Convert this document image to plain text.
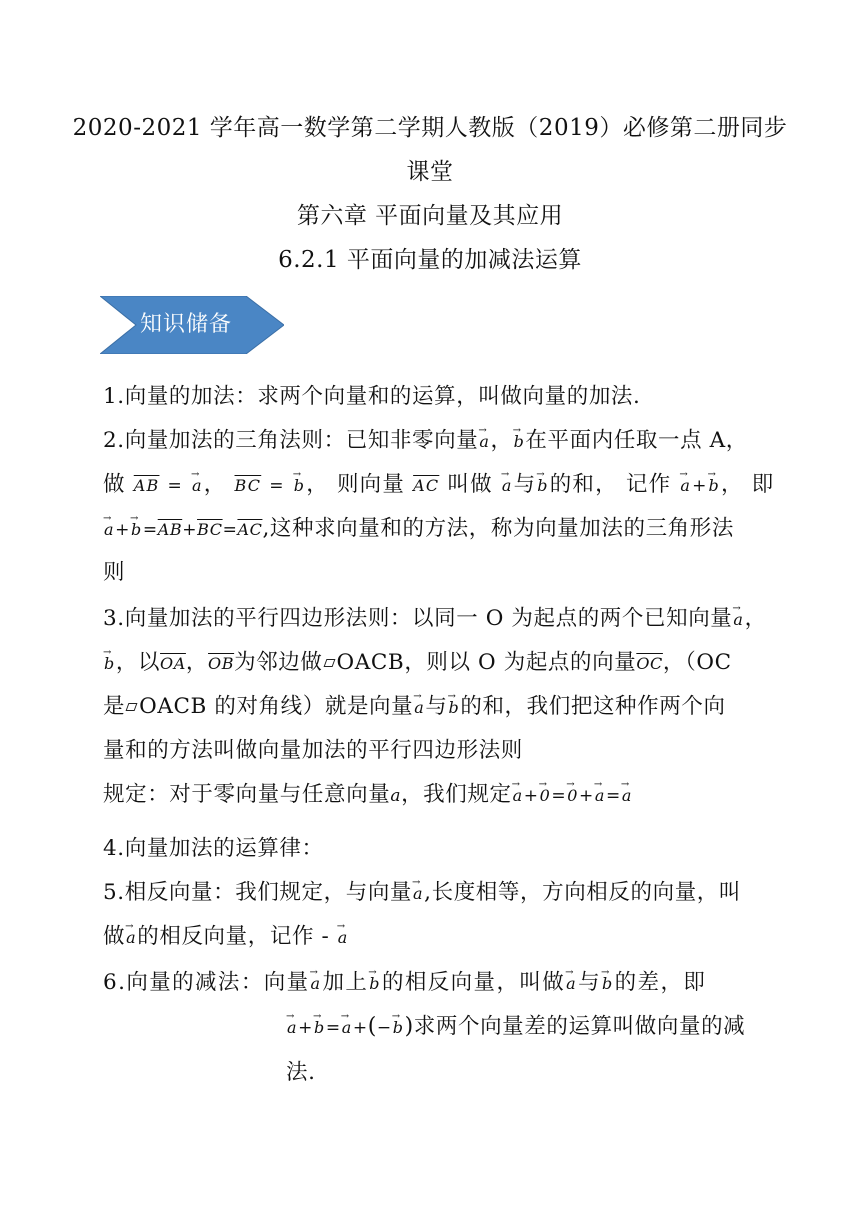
2020-2021 学年高一数学第二学期人教版（2019）必修第二册同步
课堂
第六章 平面向量及其应用
6.2.1 平面向量的加减法运算
知识储备
1.向量的加法：求两个向量和的运算，叫做向量的加法.
2.向量加法的三角法则：已知非零向量→ a，→ b在平面内任取一点 A，
做 $\overline{AB}$ = → a， $\overline{BC}$ = → b， 则向量 $\overline{AC}$ 叫做 → a与→ b的和， 记作 → a+→ b， 即
→ $a+\to b=\overline{AB}+\overline{BC}=\overline{AC}$,这种求向量和的方法，称为向量加法的三角形法
则
3.向量加法的平行四边形法则：以同一 O 为起点的两个已知向量→ a，
→ b，以$\overline{OA}$，$\overline{OB}$为邻边做 OACB，则以 O 为起点的向量$\overline{OC}$，（OC
是 OACB 的对角线）就是向量→ a与→ b的和，我们把这种作两个向
量和的方法叫做向量加法的平行四边形法则
规定：对于零向量与任意向量a，我们规定→ a+→ 0=→ 0+→ a=→ a
4.向量加法的运算律：
5.相反向量：我们规定，与向量→ a,长度相等，方向相反的向量，叫
做→ a的相反向量，记作 - → a
6.向量的减法：向量→ a加上→ b的相反向量，叫做→ a与→ b的差，即
→ a+→ b=→ a+(−→ b)求两个向量差的运算叫做向量的减
法.
